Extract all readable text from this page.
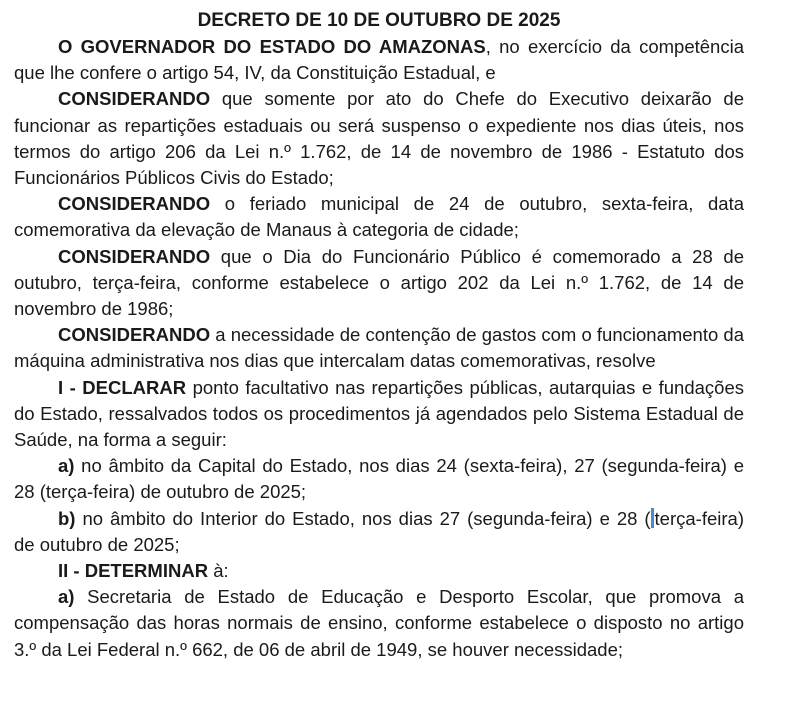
DECRETO DE 10 DE OUTUBRO DE 2025

O GOVERNADOR DO ESTADO DO AMAZONAS, no exercício da competência que lhe confere o artigo 54, IV, da Constituição Estadual, e

CONSIDERANDO que somente por ato do Chefe do Executivo deixarão de funcionar as repartições estaduais ou será suspenso o expediente nos dias úteis, nos termos do artigo 206 da Lei n.º 1.762, de 14 de novembro de 1986 - Estatuto dos Funcionários Públicos Civis do Estado;

CONSIDERANDO o feriado municipal de 24 de outubro, sexta-feira, data comemorativa da elevação de Manaus à categoria de cidade;

CONSIDERANDO que o Dia do Funcionário Público é comemorado a 28 de outubro, terça-feira, conforme estabelece o artigo 202 da Lei n.º 1.762, de 14 de novembro de 1986;

CONSIDERANDO a necessidade de contenção de gastos com o funcionamento da máquina administrativa nos dias que intercalam datas comemorativas, resolve

I - DECLARAR ponto facultativo nas repartições públicas, autarquias e fundações do Estado, ressalvados todos os procedimentos já agendados pelo Sistema Estadual de Saúde, na forma a seguir:

a) no âmbito da Capital do Estado, nos dias 24 (sexta-feira), 27 (segunda-feira) e 28 (terça-feira) de outubro de 2025;

b) no âmbito do Interior do Estado, nos dias 27 (segunda-feira) e 28 ( terça-feira) de outubro de 2025;

II - DETERMINAR à:

a) Secretaria de Estado de Educação e Desporto Escolar, que promova a compensação das horas normais de ensino, conforme estabelece o disposto no artigo 3.º da Lei Federal n.º 662, de 06 de abril de 1949, se houver necessidade;
